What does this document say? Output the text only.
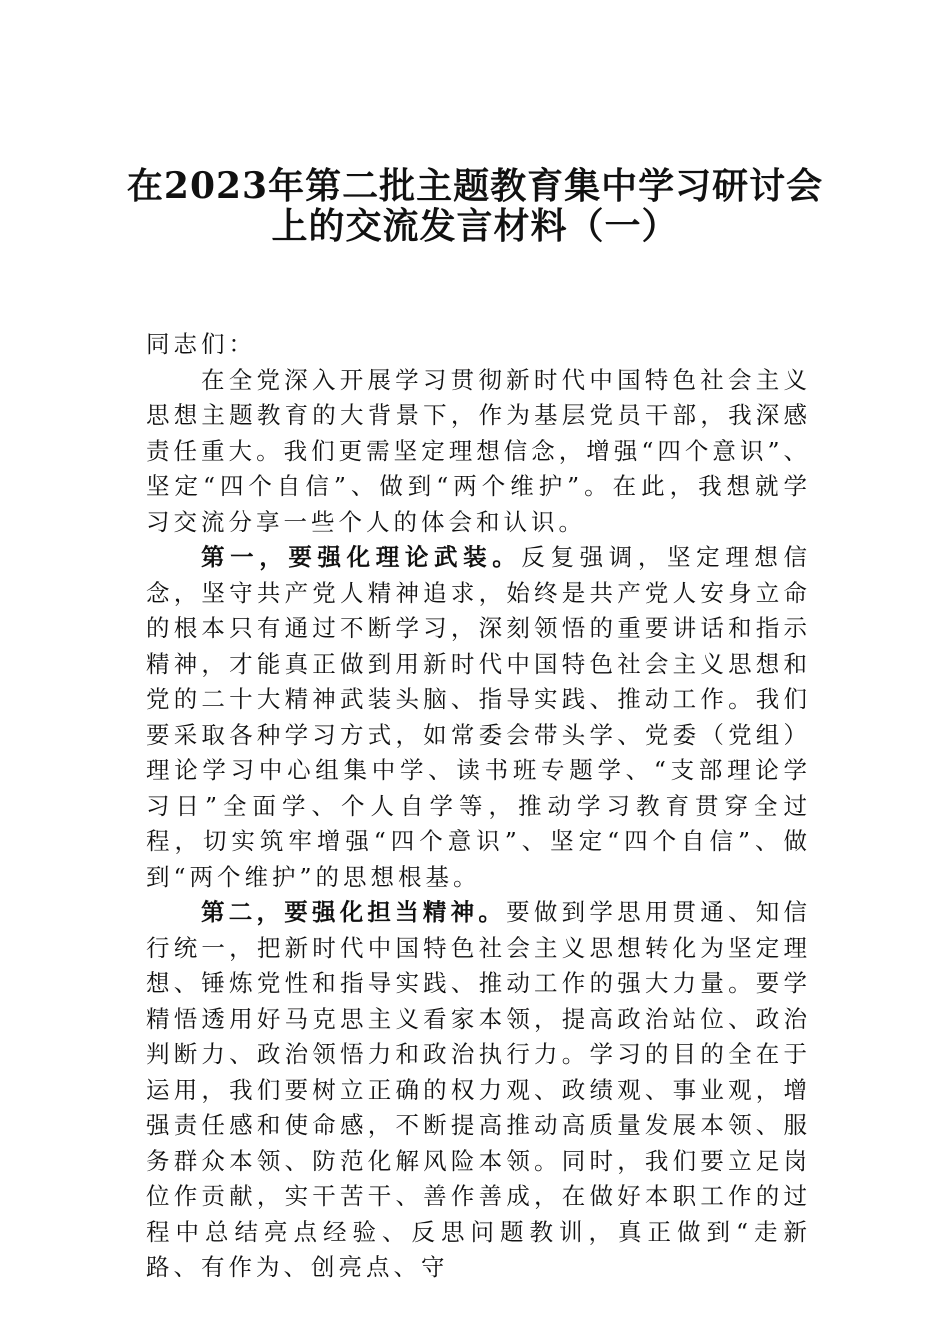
在2023年第二批主题教育集中学习研讨会
上的交流发言材料（一）

同志们：

在全党深入开展学习贯彻新时代中国特色社会主义思想主题教育的大背景下，作为基层党员干部，我深感责任重大。我们更需坚定理想信念，增强“四个意识”、坚定“四个自信”、做到“两个维护”。在此，我想就学习交流分享一些个人的体会和认识。

第一，要强化理论武装。反复强调，坚定理想信念，坚守共产党人精神追求，始终是共产党人安身立命的根本只有通过不断学习，深刻领悟的重要讲话和指示精神，才能真正做到用新时代中国特色社会主义思想和党的二十大精神武装头脑、指导实践、推动工作。我们要采取各种学习方式，如常委会带头学、党委（党组）理论学习中心组集中学、读书班专题学、“支部理论学习日”全面学、个人自学等，推动学习教育贯穿全过程，切实筑牢增强“四个意识”、坚定“四个自信”、做到“两个维护”的思想根基。

第二，要强化担当精神。要做到学思用贯通、知信行统一，把新时代中国特色社会主义思想转化为坚定理想、锤炼党性和指导实践、推动工作的强大力量。要学精悟透用好马克思主义看家本领，提高政治站位、政治判断力、政治领悟力和政治执行力。学习的目的全在于运用，我们要树立正确的权力观、政绩观、事业观，增强责任感和使命感，不断提高推动高质量发展本领、服务群众本领、防范化解风险本领。同时，我们要立足岗位作贡献，实干苦干、善作善成，在做好本职工作的过程中总结亮点经验、反思问题教训，真正做到“走新路、有作为、创亮点、守
